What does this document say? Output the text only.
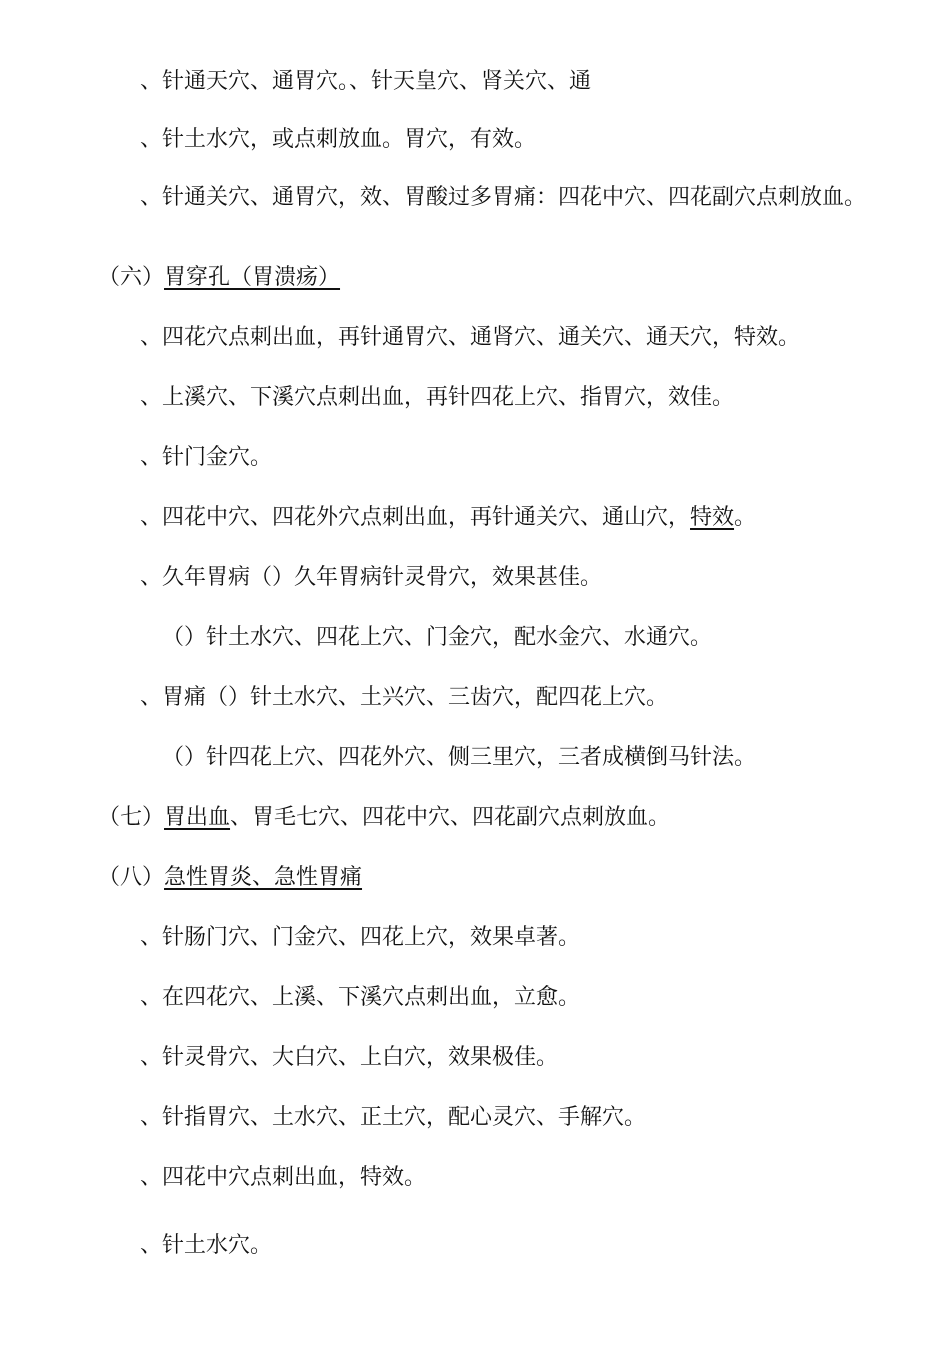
、针通天穴、通胃穴。、针天皇穴、肾关穴、通
、针土水穴，或点刺放血。胃穴，有效。
、针通关穴、通胃穴，效、胃酸过多胃痛：四花中穴、四花副穴点刺放血。
（六）胃穿孔（胃溃疡）
、四花穴点刺出血，再针通胃穴、通肾穴、通关穴、通天穴，特效。
、上溪穴、下溪穴点刺出血，再针四花上穴、指胃穴，效佳。
、针门金穴。
、四花中穴、四花外穴点刺出血，再针通关穴、通山穴，特效。
、久年胃病（）久年胃病针灵骨穴，效果甚佳。
（）针土水穴、四花上穴、门金穴，配水金穴、水通穴。
、胃痛（）针土水穴、土兴穴、三齿穴，配四花上穴。
（）针四花上穴、四花外穴、侧三里穴，三者成横倒马针法。
（七）胃出血、胃毛七穴、四花中穴、四花副穴点刺放血。
（八）急性胃炎、急性胃痛
、针肠门穴、门金穴、四花上穴，效果卓著。
、在四花穴、上溪、下溪穴点刺出血，立愈。
、针灵骨穴、大白穴、上白穴，效果极佳。
、针指胃穴、土水穴、正土穴，配心灵穴、手解穴。
、四花中穴点刺出血，特效。
、针土水穴。
